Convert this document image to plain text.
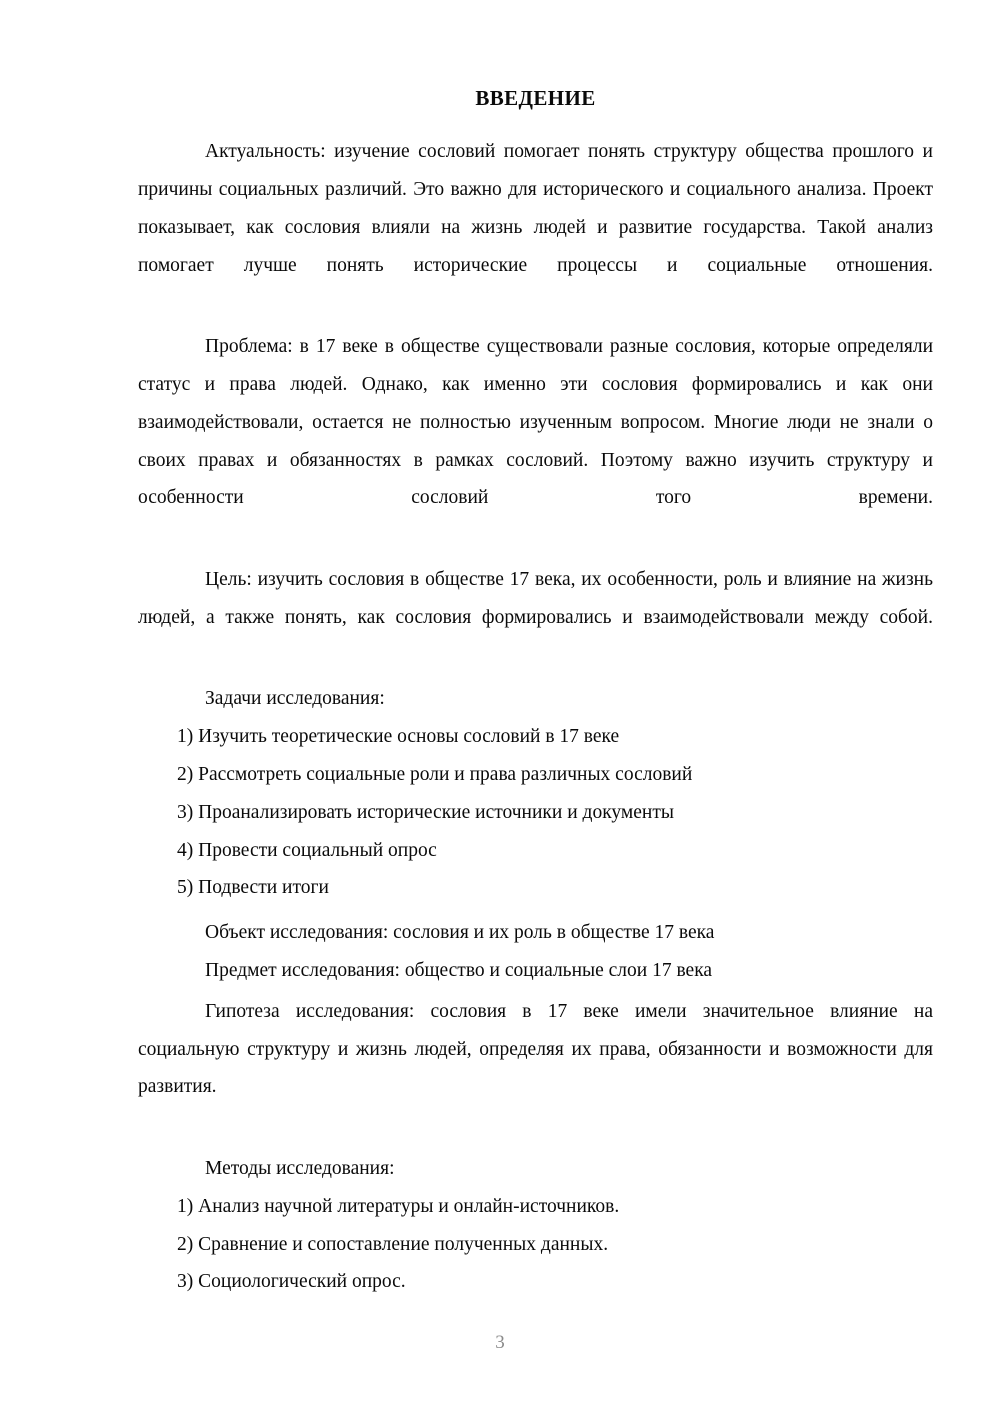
ВВЕДЕНИЕ

Актуальность: изучение сословий помогает понять структуру общества прошлого и причины социальных различий. Это важно для исторического и социального анализа. Проект показывает, как сословия влияли на жизнь людей и развитие государства. Такой анализ помогает лучше понять исторические процессы и социальные отношения.

Проблема: в 17 веке в обществе существовали разные сословия, которые определяли статус и права людей. Однако, как именно эти сословия формировались и как они взаимодействовали, остается не полностью изученным вопросом. Многие люди не знали о своих правах и обязанностях в рамках сословий. Поэтому важно изучить структуру и особенности сословий того времени.

Цель: изучить сословия в обществе 17 века, их особенности, роль и влияние на жизнь людей, а также понять, как сословия формировались и взаимодействовали между собой.

Задачи исследования:

1) Изучить теоретические основы сословий в 17 веке
2) Рассмотреть социальные роли и права различных сословий
3) Проанализировать исторические источники и документы
4) Провести социальный опрос
5) Подвести итоги

Объект исследования: сословия и их роль в обществе 17 века

Предмет исследования: общество и социальные слои 17 века

Гипотеза исследования: сословия в 17 веке имели значительное влияние на социальную структуру и жизнь людей, определяя их права, обязанности и возможности для развития.

Методы исследования:

1) Анализ научной литературы и онлайн-источников.
2) Сравнение и сопоставление полученных данных.
3) Социологический опрос.
3
